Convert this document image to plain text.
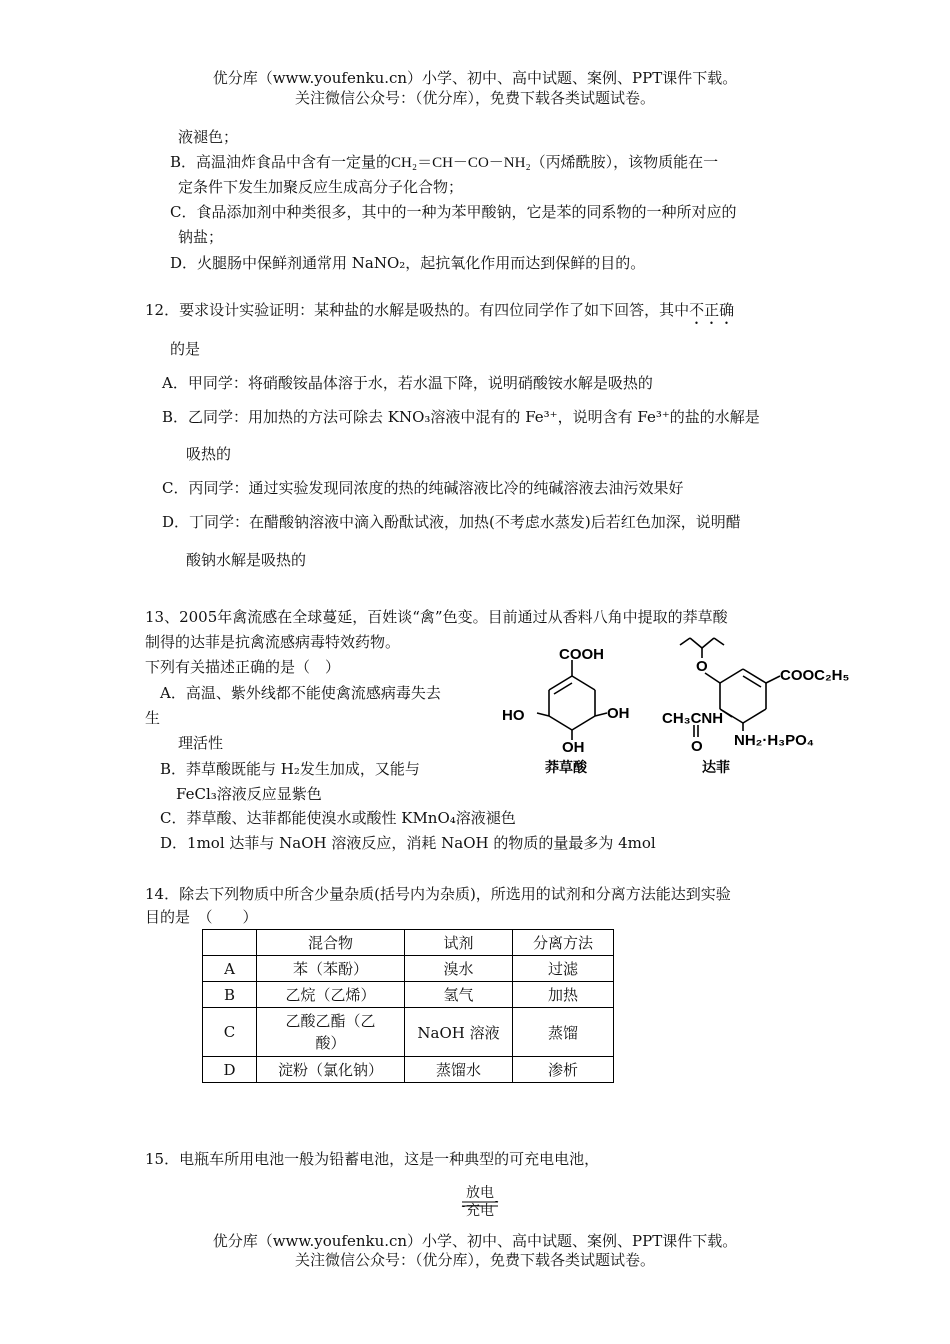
优分库（www.youfenku.cn）小学、初中、高中试题、案例、PPT课件下载。
关注微信公众号：（优分库），免费下载各类试题试卷。
液褪色；
B．高温油炸食品中含有一定量的CH₂＝CH－CO－NH₂（丙烯酰胺），该物质能在一
定条件下发生加聚反应生成高分子化合物；
C．食品添加剂中种类很多，其中的一种为苯甲酸钠，它是苯的同系物的一种所对应的
钠盐；
D．火腿肠中保鲜剂通常用 NaNO₂，起抗氧化作用而达到保鲜的目的。
12．要求设计实验证明：某种盐的水解是吸热的。有四位同学作了如下回答，其中不正确
的是
A．甲同学：将硝酸铵晶体溶于水，若水温下降，说明硝酸铵水解是吸热的
B．乙同学：用加热的方法可除去 KNO₃溶液中混有的 Fe³⁺，说明含有 Fe³⁺的盐的水解是
吸热的
C．丙同学：通过实验发现同浓度的热的纯碱溶液比冷的纯碱溶液去油污效果好
D．丁同学：在醋酸钠溶液中滴入酚酞试液，加热(不考虑水蒸发)后若红色加深，说明醋
酸钠水解是吸热的
13、2005年禽流感在全球蔓延，百姓谈“禽”色变。目前通过从香料八角中提取的莽草酸
制得的达菲是抗禽流感病毒特效药物。
下列有关描述正确的是（　）
A．高温、紫外线都不能使禽流感病毒失去
生
理活性
B．莽草酸既能与 H₂发生加成，又能与
FeCl₃溶液反应显紫色
C．莽草酸、达菲都能使溴水或酸性 KMnO₄溶液褪色
D．1mol 达菲与 NaOH 溶液反应，消耗 NaOH 的物质的量最多为 4mol
COOH
HO	OH
OH
莽草酸
O
COOC₂H₅
CH₃CNH
O NH₂·H₃PO₄
达菲
14．除去下列物质中所含少量杂质(括号内为杂质)，所选用的试剂和分离方法能达到实验
目的是　（　　）
	混合物	试剂	分离方法
A	苯（苯酚）	溴水	过滤
B	乙烷（乙烯）	氢气	加热
C	乙酸乙酯（乙
酸）	NaOH 溶液	蒸馏
D	淀粉（氯化钠）	蒸馏水	渗析
15．电瓶车所用电池一般为铅蓄电池，这是一种典型的可充电电池，
放电
充电
优分库（www.youfenku.cn）小学、初中、高中试题、案例、PPT课件下载。
关注微信公众号：（优分库），免费下载各类试题试卷。
